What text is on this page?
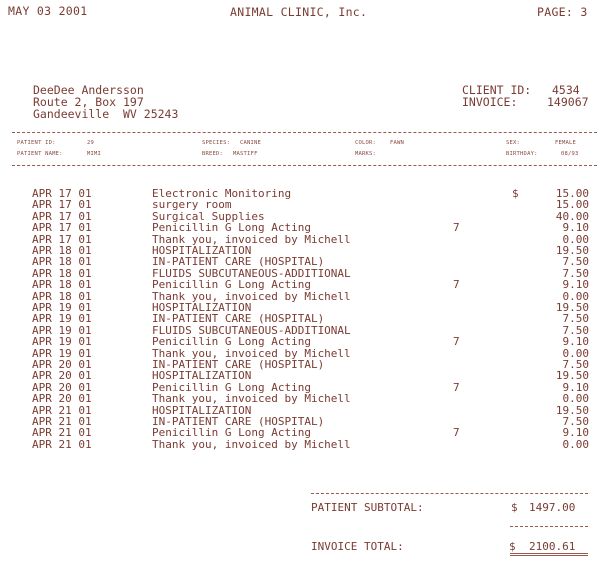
MAY 03 2001	ANIMAL CLINIC, Inc.	PAGE: 3
DeeDee Andersson
Route 2, Box 197
Gandeeville  WV 25243
CLIENT ID: 4534
INVOICE:	149067
PATIENT ID:	29
PATIENT NAME:	MIMI
SPECIES: CANINE
BREED: MASTIFF
COLOR:	FAWN
MARKS:
SEX:	FEMALE
BIRTHDAY:	08/93
APR 17 01	Electronic Monitoring	$	15.00
APR 17 01	surgery room	15.00
APR 17 01	Surgical Supplies	40.00
APR 17 01	Penicillin G Long Acting	7	9.10
APR 17 01	Thank you, invoiced by Michell	0.00
APR 18 01	HOSPITALIZATION	19.50
APR 18 01	IN-PATIENT CARE (HOSPITAL)	7.50
APR 18 01	FLUIDS SUBCUTANEOUS-ADDITIONAL	7.50
APR 18 01	Penicillin G Long Acting	7	9.10
APR 18 01	Thank you, invoiced by Michell	0.00
APR 19 01	HOSPITALIZATION	19.50
APR 19 01	IN-PATIENT CARE (HOSPITAL)	7.50
APR 19 01	FLUIDS SUBCUTANEOUS-ADDITIONAL	7.50
APR 19 01	Penicillin G Long Acting	7	9.10
APR 19 01	Thank you, invoiced by Michell	0.00
APR 20 01	IN-PATIENT CARE (HOSPITAL)	7.50
APR 20 01	HOSPITALIZATION	19.50
APR 20 01	Penicillin G Long Acting	7	9.10
APR 20 01	Thank you, invoiced by Michell	0.00
APR 21 01	HOSPITALIZATION	19.50
APR 21 01	IN-PATIENT CARE (HOSPITAL)	7.50
APR 21 01	Penicillin G Long Acting	7	9.10
APR 21 01	Thank you, invoiced by Michell	0.00
PATIENT SUBTOTAL:	$ 1497.00
INVOICE TOTAL:	$ 2100.61
